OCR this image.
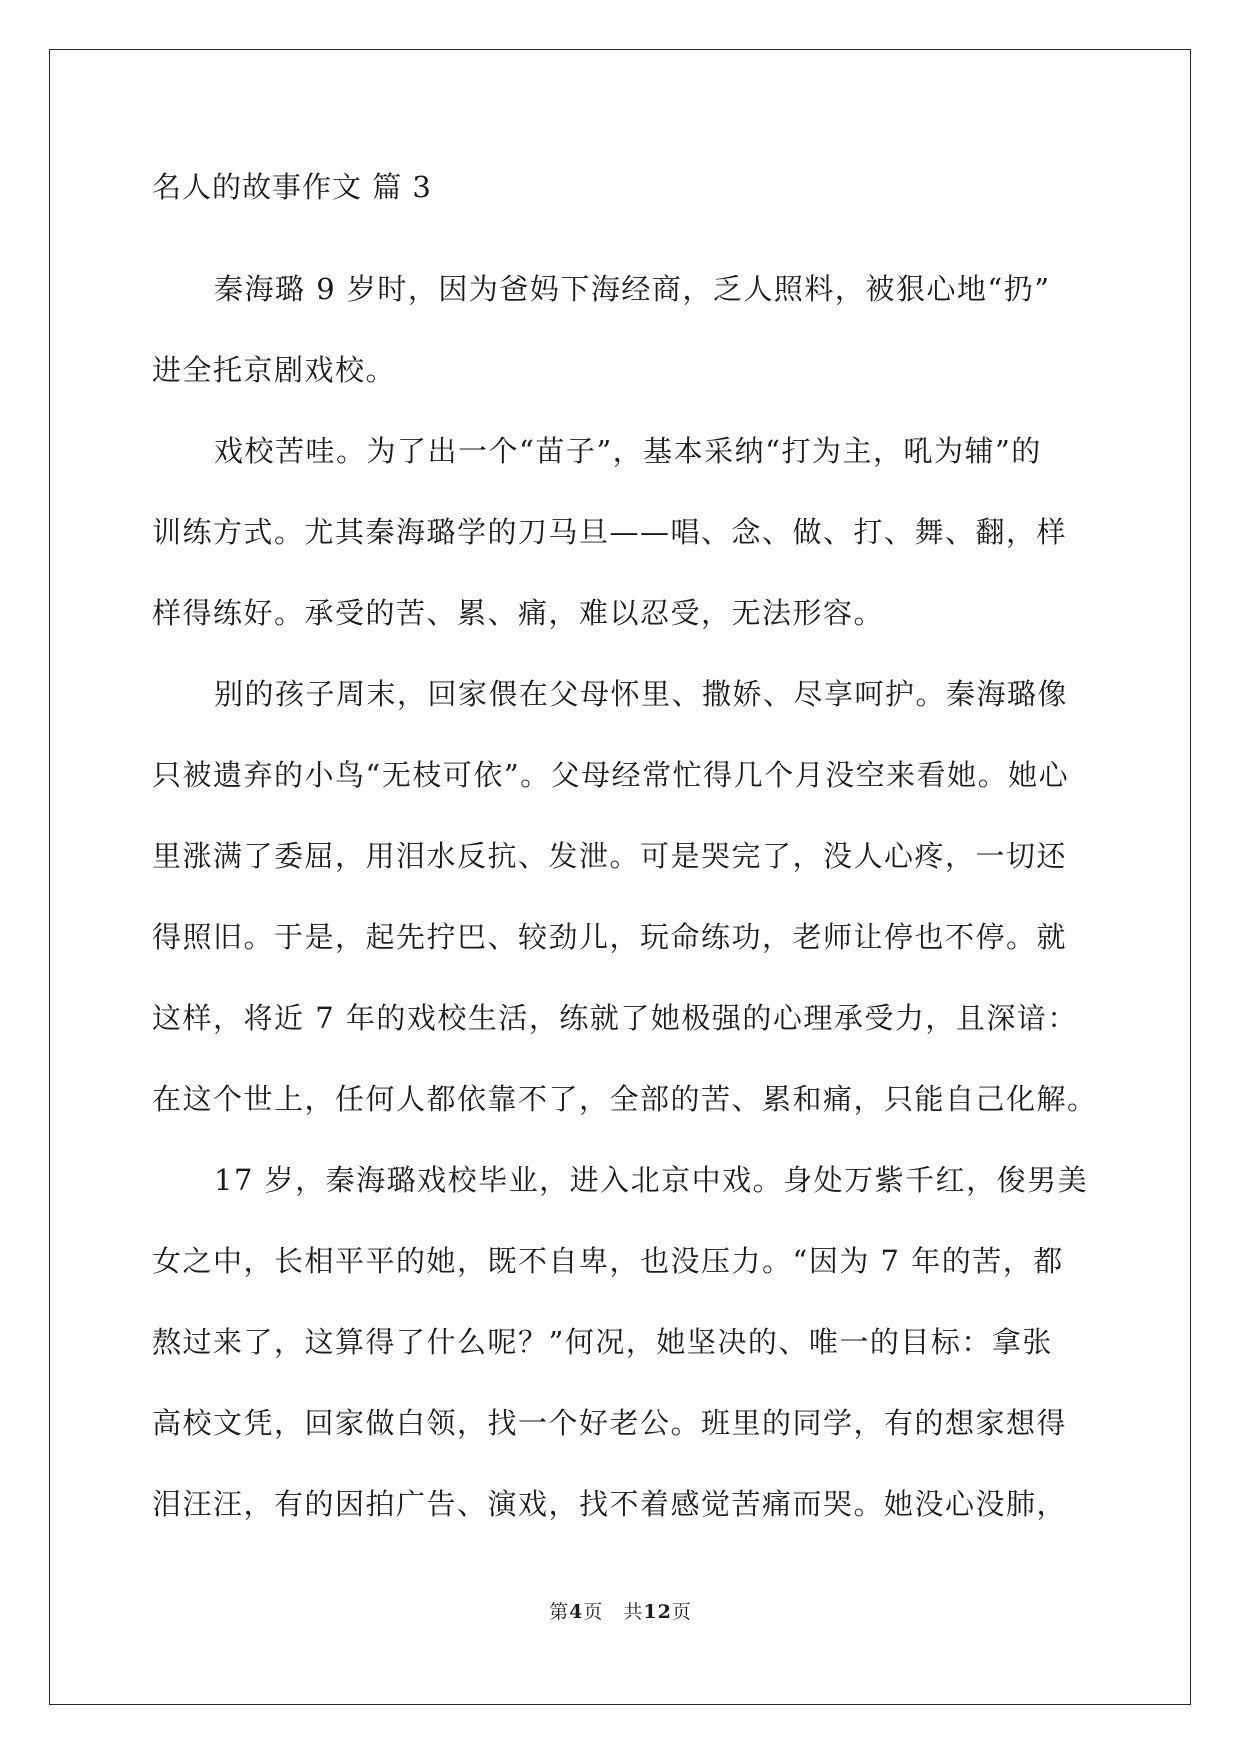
名人的故事作文 篇 3
秦海璐 9 岁时，因为爸妈下海经商，乏人照料，被狠心地“扔”
进全托京剧戏校。
戏校苦哇。为了出一个“苗子”，基本采纳“打为主，吼为辅”的
训练方式。尤其秦海璐学的刀马旦——唱、念、做、打、舞、翻，样
样得练好。承受的苦、累、痛，难以忍受，无法形容。
别的孩子周末，回家偎在父母怀里、撒娇、尽享呵护。秦海璐像
只被遗弃的小鸟“无枝可依”。父母经常忙得几个月没空来看她。她心
里涨满了委屈，用泪水反抗、发泄。可是哭完了，没人心疼，一切还
得照旧。于是，起先拧巴、较劲儿，玩命练功，老师让停也不停。就
这样，将近 7 年的戏校生活，练就了她极强的心理承受力，且深谙：
在这个世上，任何人都依靠不了，全部的苦、累和痛，只能自己化解。
17 岁，秦海璐戏校毕业，进入北京中戏。身处万紫千红，俊男美
女之中，长相平平的她，既不自卑，也没压力。“因为 7 年的苦，都
熬过来了，这算得了什么呢？”何况，她坚决的、唯一的目标：拿张
高校文凭，回家做白领，找一个好老公。班里的同学，有的想家想得
泪汪汪，有的因拍广告、演戏，找不着感觉苦痛而哭。她没心没肺，
第4页　共12页
